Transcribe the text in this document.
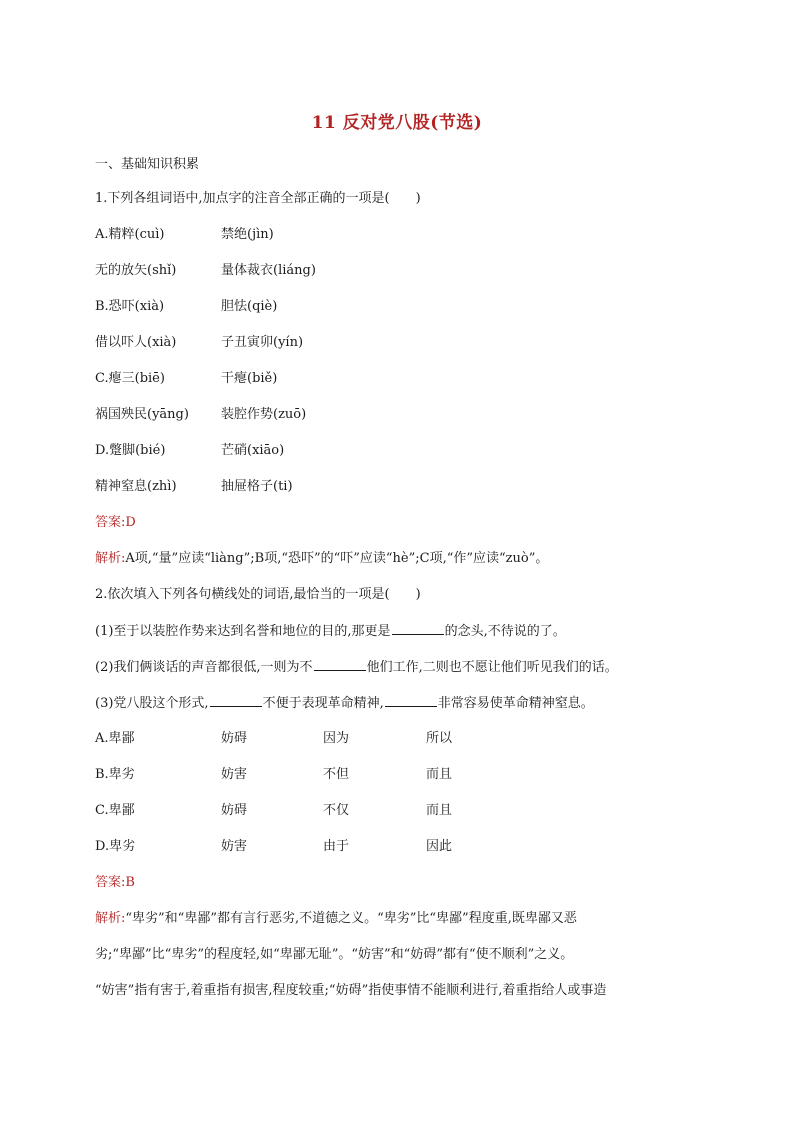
11 反对党八股(节选)
一、基础知识积累
1.下列各组词语中,加点字的注音全部正确的一项是(　　)
A.精粹(cuì)	禁绝(jìn)
无的放矢(shǐ)	量体裁衣(liáng)
B.恐吓(xià)	胆怯(qiè)
借以吓人(xià)	子丑寅卯(yín)
C.瘪三(biē)	干瘪(biě)
祸国殃民(yāng) 装腔作势(zuō)
D.蹩脚(bié)	芒硝(xiāo)
精神窒息(zhì)	抽屉格子(ti)
答案:D
解析:A项,“量”应读“liàng”;B项,“恐吓”的“吓”应读“hè”;C项,“作”应读“zuò”。
2.依次填入下列各句横线处的词语,最恰当的一项是(　　)
(1)至于以装腔作势来达到名誉和地位的目的,那更是	的念头,不待说的了。
(2)我们俩谈话的声音都很低,一则为不	他们工作,二则也不愿让他们听见我们的话。
(3)党八股这个形式,	不便于表现革命精神,	非常容易使革命精神窒息。
A.卑鄙	妨碍	因为	所以
B.卑劣	妨害	不但	而且
C.卑鄙	妨碍	不仅	而且
D.卑劣	妨害	由于	因此
答案:B
解析:“卑劣”和“卑鄙”都有言行恶劣,不道德之义。“卑劣”比“卑鄙”程度重,既卑鄙又恶
劣;“卑鄙”比“卑劣”的程度轻,如“卑鄙无耻”。“妨害”和“妨碍”都有“使不顺利”之义。
“妨害”指有害于,着重指有损害,程度较重;“妨碍”指使事情不能顺利进行,着重指给人或事造
